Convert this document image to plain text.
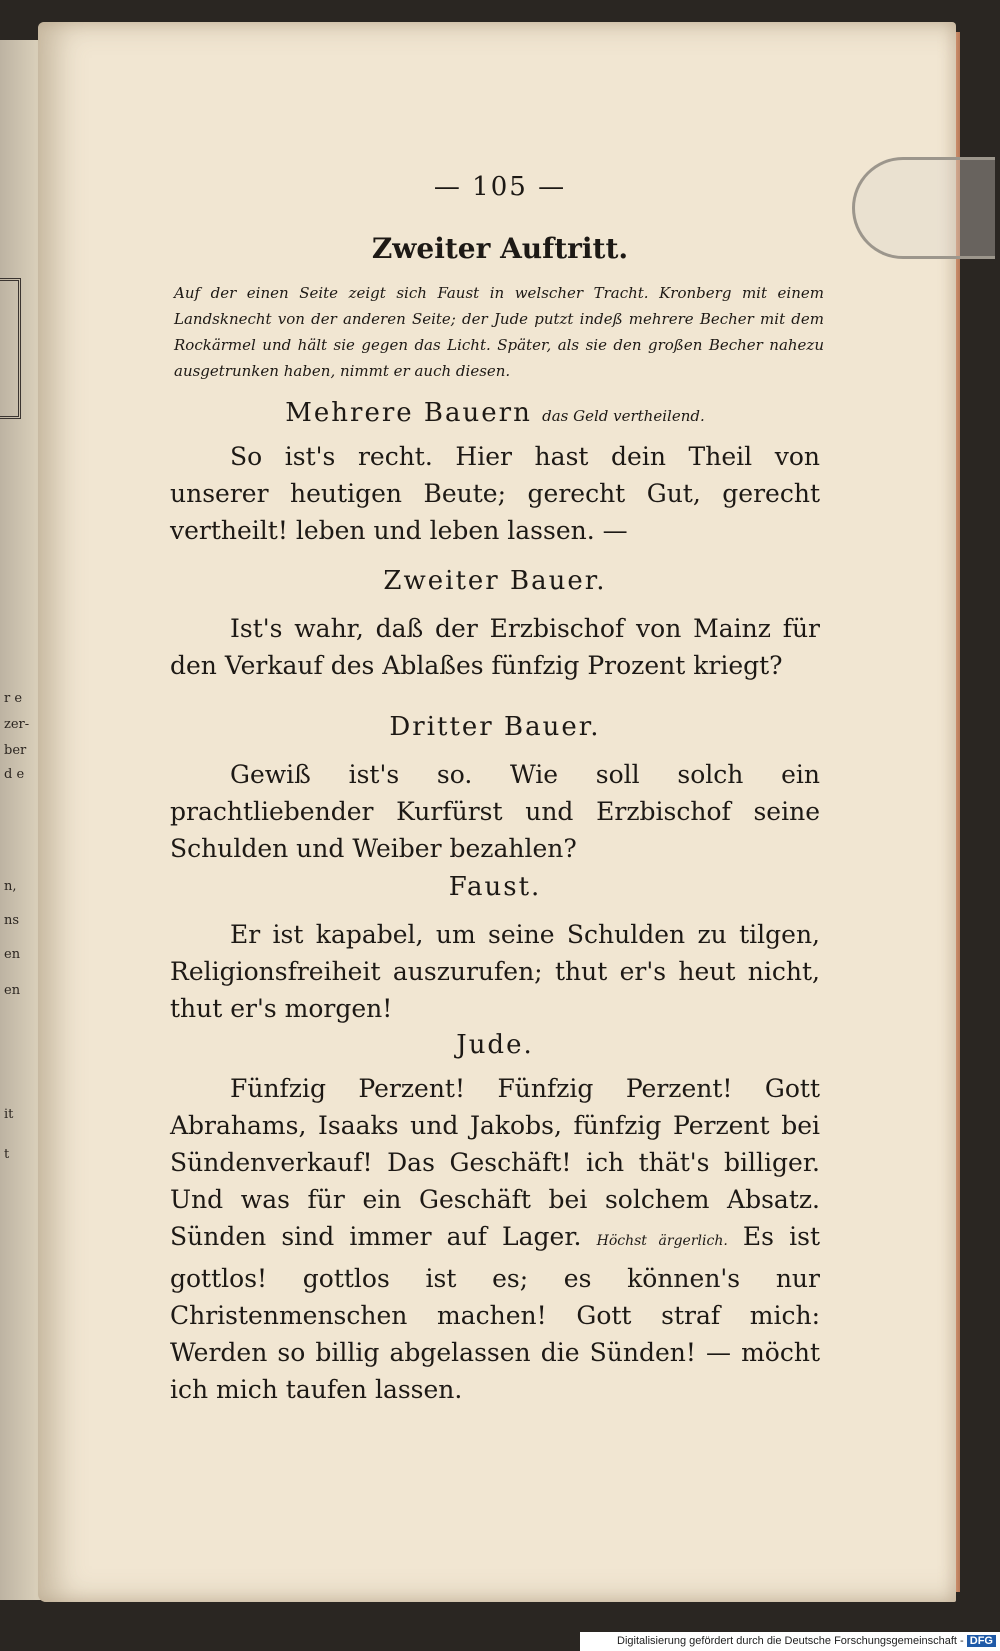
r e
zer-
ber
d e
n,
ns
en
en
it
t
— 105 —
Zweiter Auftritt.
Auf der einen Seite zeigt sich Faust in welscher Tracht. Kronberg mit einem Landsknecht von der anderen Seite; der Jude putzt indeß mehrere Becher mit dem Rockärmel und hält sie gegen das Licht. Später, als sie den großen Becher nahezu ausgetrunken haben, nimmt er auch diesen.
Mehrere Bauern das Geld vertheilend.
So ist's recht. Hier hast dein Theil von unserer heutigen Beute; gerecht Gut, gerecht vertheilt! leben und leben lassen. —
Zweiter Bauer.
Ist's wahr, daß der Erzbischof von Mainz für den Verkauf des Ablaßes fünfzig Prozent kriegt?
Dritter Bauer.
Gewiß ist's so. Wie soll solch ein prachtliebender Kurfürst und Erzbischof seine Schulden und Weiber bezahlen?
Faust.
Er ist kapabel, um seine Schulden zu tilgen, Religionsfreiheit auszurufen; thut er's heut nicht, thut er's morgen!
Jude.
Fünfzig Perzent! Fünfzig Perzent! Gott Abrahams, Isaaks und Jakobs, fünfzig Perzent bei Sündenverkauf! Das Geschäft! ich thät's billiger. Und was für ein Geschäft bei solchem Absatz. Sünden sind immer auf Lager. Höchst ärgerlich. Es ist gottlos! gottlos ist es; es können's nur Christenmenschen machen! Gott straf mich: Werden so billig abgelassen die Sünden! — möcht ich mich taufen lassen.
Digitalisierung gefördert durch die Deutsche Forschungsgemeinschaft - DFG
